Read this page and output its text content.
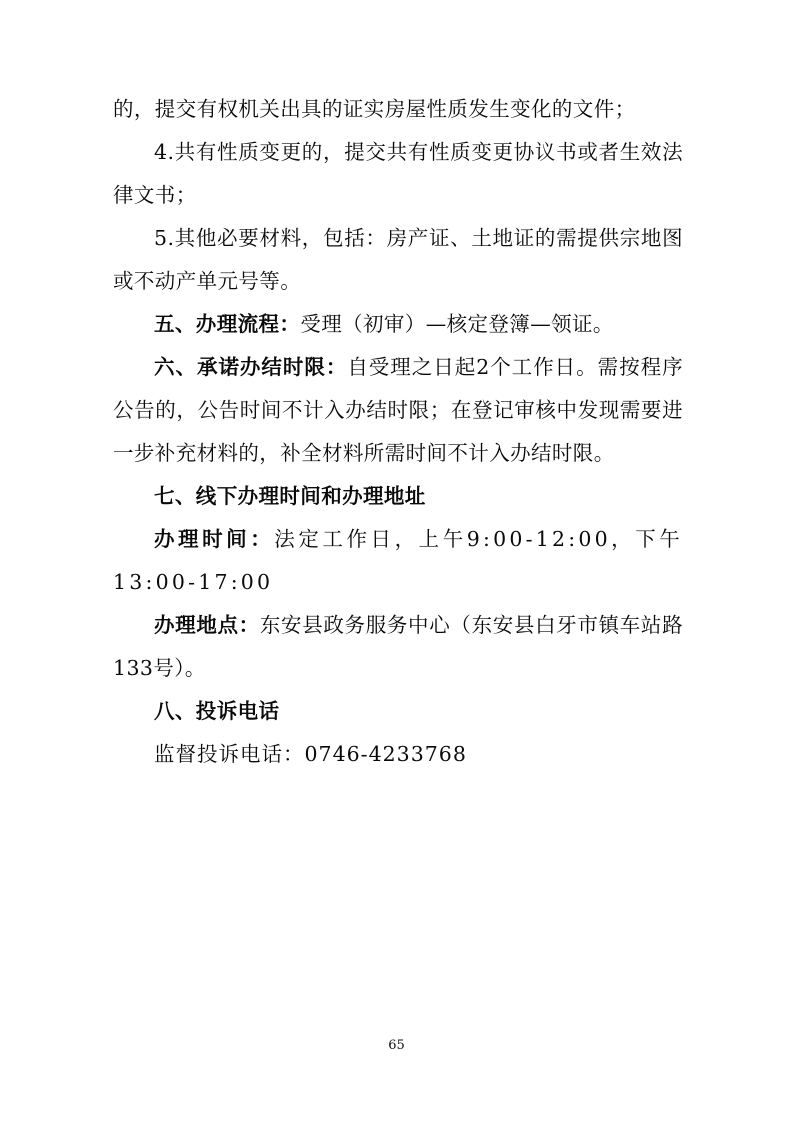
的，提交有权机关出具的证实房屋性质发生变化的文件；

4.共有性质变更的，提交共有性质变更协议书或者生效法律文书；

5.其他必要材料，包括：房产证、土地证的需提供宗地图或不动产单元号等。

五、办理流程：受理（初审）—核定登簿—领证。

六、承诺办结时限：自受理之日起2个工作日。需按程序公告的，公告时间不计入办结时限；在登记审核中发现需要进一步补充材料的，补全材料所需时间不计入办结时限。

七、线下办理时间和办理地址

办理时间：法定工作日，上午9:00-12:00，下午13:00-17:00

办理地点：东安县政务服务中心（东安县白牙市镇车站路133号）。

八、投诉电话

监督投诉电话：0746-4233768

65
